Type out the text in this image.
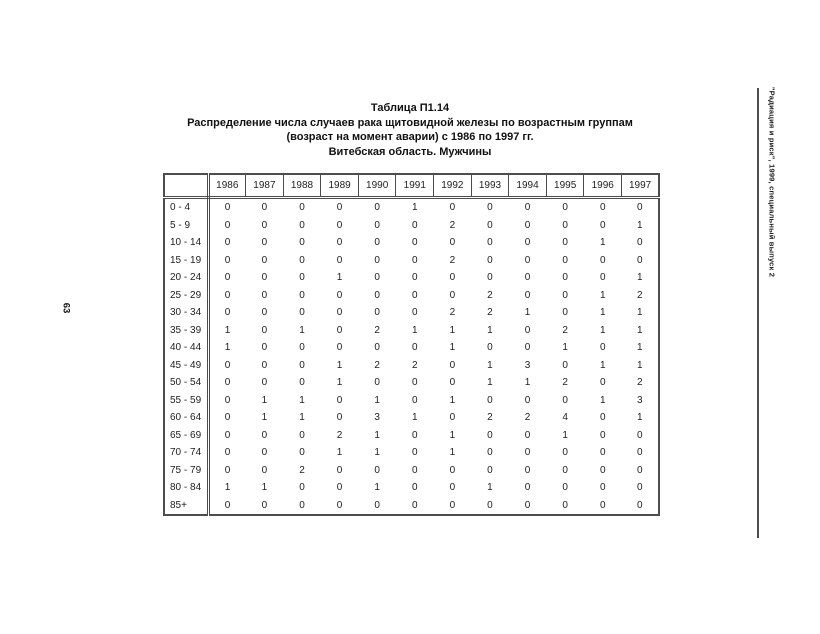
Таблица П1.14
Распределение числа случаев рака щитовидной железы по возрастным группам
(возраст на момент аварии) с 1986 по 1997 гг.
Витебская область. Мужчины
	1986	1987	1988	1989	1990	1991	1992	1993	1994	1995	1996	1997
0 - 4	0	0	0	0	0	1	0	0	0	0	0	0
5 - 9	0	0	0	0	0	0	2	0	0	0	0	1
10 - 14	0	0	0	0	0	0	0	0	0	0	1	0
15 - 19	0	0	0	0	0	0	2	0	0	0	0	0
20 - 24	0	0	0	1	0	0	0	0	0	0	0	1
25 - 29	0	0	0	0	0	0	0	2	0	0	1	2
30 - 34	0	0	0	0	0	0	2	2	1	0	1	1
35 - 39	1	0	1	0	2	1	1	1	0	2	1	1
40 - 44	1	0	0	0	0	0	1	0	0	1	0	1
45 - 49	0	0	0	1	2	2	0	1	3	0	1	1
50 - 54	0	0	0	1	0	0	0	1	1	2	0	2
55 - 59	0	1	1	0	1	0	1	0	0	0	1	3
60 - 64	0	1	1	0	3	1	0	2	2	4	0	1
65 - 69	0	0	0	2	1	0	1	0	0	1	0	0
70 - 74	0	0	0	1	1	0	1	0	0	0	0	0
75 - 79	0	0	2	0	0	0	0	0	0	0	0	0
80 - 84	1	1	0	0	1	0	0	1	0	0	0	0
85+	0	0	0	0	0	0	0	0	0	0	0	0
63
"Радиация и риск", 1999, специальный выпуск 2
